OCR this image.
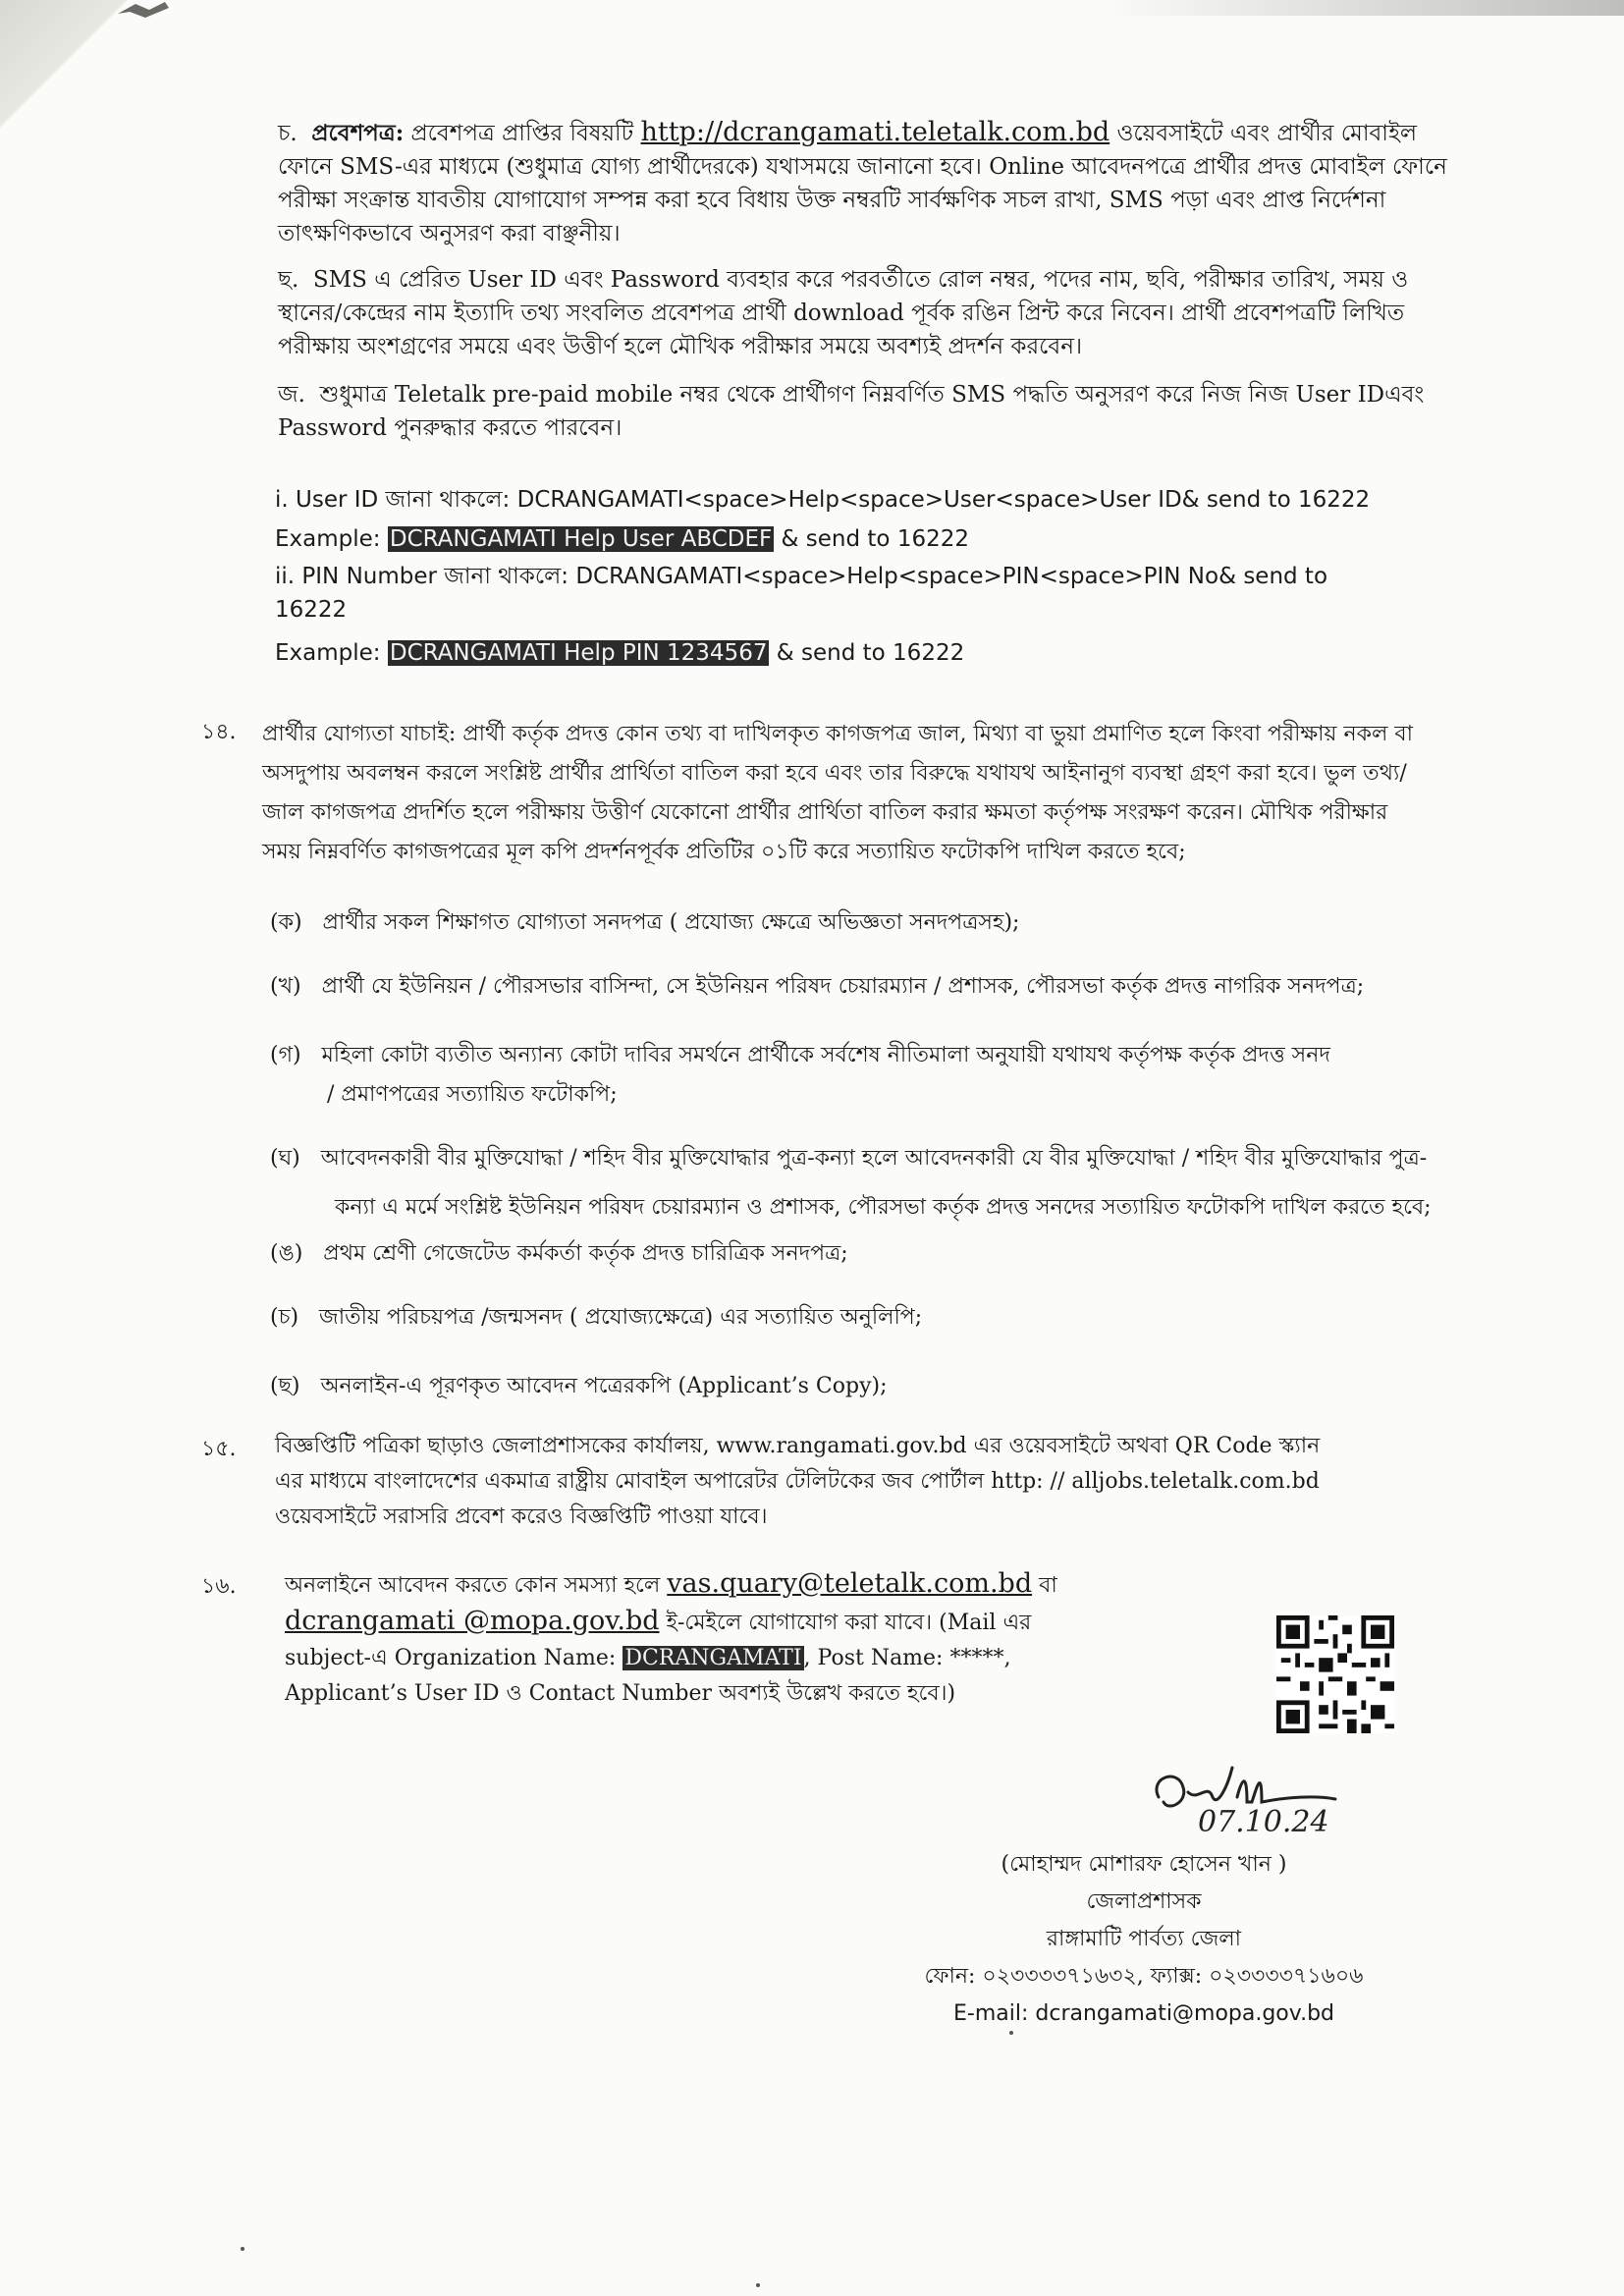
চ. প্রবেশপত্র: প্রবেশপত্র প্রাপ্তির বিষয়টি http://dcrangamati.teletalk.com.bd ওয়েবসাইটে এবং প্রার্থীর মোবাইল
ফোনে SMS-এর মাধ্যমে (শুধুমাত্র যোগ্য প্রার্থীদেরকে) যথাসময়ে জানানো হবে। Online আবেদনপত্রে প্রার্থীর প্রদত্ত মোবাইল ফোনে
পরীক্ষা সংক্রান্ত যাবতীয় যোগাযোগ সম্পন্ন করা হবে বিধায় উক্ত নম্বরটি সার্বক্ষণিক সচল রাখা, SMS পড়া এবং প্রাপ্ত নির্দেশনা
তাৎক্ষণিকভাবে অনুসরণ করা বাঞ্ছনীয়।
ছ. SMS এ প্রেরিত User ID এবং Password ব্যবহার করে পরবর্তীতে রোল নম্বর, পদের নাম, ছবি, পরীক্ষার তারিখ, সময় ও
স্থানের/কেন্দ্রের নাম ইত্যাদি তথ্য সংবলিত প্রবেশপত্র প্রার্থী download পূর্বক রঙিন প্রিন্ট করে নিবেন। প্রার্থী প্রবেশপত্রটি লিখিত
পরীক্ষায় অংশগ্রণের সময়ে এবং উত্তীর্ণ হলে মৌখিক পরীক্ষার সময়ে অবশ্যই প্রদর্শন করবেন।
জ. শুধুমাত্র Teletalk pre-paid mobile নম্বর থেকে প্রার্থীগণ নিম্নবর্ণিত SMS পদ্ধতি অনুসরণ করে নিজ নিজ User IDএবং
Password পুনরুদ্ধার করতে পারবেন।
i. User ID জানা থাকলে: DCRANGAMATI<space>Help<space>User<space>User ID& send to 16222
Example: DCRANGAMATI Help User ABCDEF & send to 16222
ii. PIN Number জানা থাকলে: DCRANGAMATI<space>Help<space>PIN<space>PIN No& send to
16222
Example: DCRANGAMATI Help PIN 1234567 & send to 16222
১৪. প্রার্থীর যোগ্যতা যাচাই: প্রার্থী কর্তৃক প্রদত্ত কোন তথ্য বা দাখিলকৃত কাগজপত্র জাল, মিথ্যা বা ভুয়া প্রমাণিত হলে কিংবা পরীক্ষায় নকল বা
অসদুপায় অবলম্বন করলে সংশ্লিষ্ট প্রার্থীর প্রার্থিতা বাতিল করা হবে এবং তার বিরুদ্ধে যথাযথ আইনানুগ ব্যবস্থা গ্রহণ করা হবে। ভুল তথ্য/
জাল কাগজপত্র প্রদর্শিত হলে পরীক্ষায় উত্তীর্ণ যেকোনো প্রার্থীর প্রার্থিতা বাতিল করার ক্ষমতা কর্তৃপক্ষ সংরক্ষণ করেন। মৌখিক পরীক্ষার
সময় নিম্নবর্ণিত কাগজপত্রের মূল কপি প্রদর্শনপূর্বক প্রতিটির ০১টি করে সত্যায়িত ফটোকপি দাখিল করতে হবে;
(ক) প্রার্থীর সকল শিক্ষাগত যোগ্যতা সনদপত্র ( প্রযোজ্য ক্ষেত্রে অভিজ্ঞতা সনদপত্রসহ);
(খ) প্রার্থী যে ইউনিয়ন / পৌরসভার বাসিন্দা, সে ইউনিয়ন পরিষদ চেয়ারম্যান / প্রশাসক, পৌরসভা কর্তৃক প্রদত্ত নাগরিক সনদপত্র;
(গ) মহিলা কোটা ব্যতীত অন্যান্য কোটা দাবির সমর্থনে প্রার্থীকে সর্বশেষ নীতিমালা অনুযায়ী যথাযথ কর্তৃপক্ষ কর্তৃক প্রদত্ত সনদ
/ প্রমাণপত্রের সত্যায়িত ফটোকপি;
(ঘ) আবেদনকারী বীর মুক্তিযোদ্ধা / শহিদ বীর মুক্তিযোদ্ধার পুত্র-কন্যা হলে আবেদনকারী যে বীর মুক্তিযোদ্ধা / শহিদ বীর মুক্তিযোদ্ধার পুত্র-
কন্যা এ মর্মে সংশ্লিষ্ট ইউনিয়ন পরিষদ চেয়ারম্যান ও প্রশাসক, পৌরসভা কর্তৃক প্রদত্ত সনদের সত্যায়িত ফটোকপি দাখিল করতে হবে;
(ঙ) প্রথম শ্রেণী গেজেটেড কর্মকর্তা কর্তৃক প্রদত্ত চারিত্রিক সনদপত্র;
(চ) জাতীয় পরিচয়পত্র /জন্মসনদ ( প্রযোজ্যক্ষেত্রে) এর সত্যায়িত অনুলিপি;
(ছ) অনলাইন-এ পূরণকৃত আবেদন পত্রেরকপি (Applicant’s Copy);
১৫. বিজ্ঞপ্তিটি পত্রিকা ছাড়াও জেলাপ্রশাসকের কার্যালয়, www.rangamati.gov.bd এর ওয়েবসাইটে অথবা QR Code স্ক্যান
এর মাধ্যমে বাংলাদেশের একমাত্র রাষ্ট্রীয় মোবাইল অপারেটর টেলিটকের জব পোর্টাল http: // alljobs.teletalk.com.bd
ওয়েবসাইটে সরাসরি প্রবেশ করেও বিজ্ঞপ্তিটি পাওয়া যাবে।
১৬. অনলাইনে আবেদন করতে কোন সমস্যা হলে vas.quary@teletalk.com.bd বা
dcrangamati @mopa.gov.bd ই-মেইলে যোগাযোগ করা যাবে। (Mail এর
subject-এ Organization Name: DCRANGAMATI, Post Name: *****,
Applicant’s User ID ও Contact Number অবশ্যই উল্লেখ করতে হবে।)
07.10.24
(মোহাম্মদ মোশারফ হোসেন খান )
জেলাপ্রশাসক
রাঙ্গামাটি পার্বত্য জেলা
ফোন: ০২৩৩৩৩৭১৬৩২, ফ্যাক্স: ০২৩৩৩৩৭১৬০৬
E-mail: dcrangamati@mopa.gov.bd
